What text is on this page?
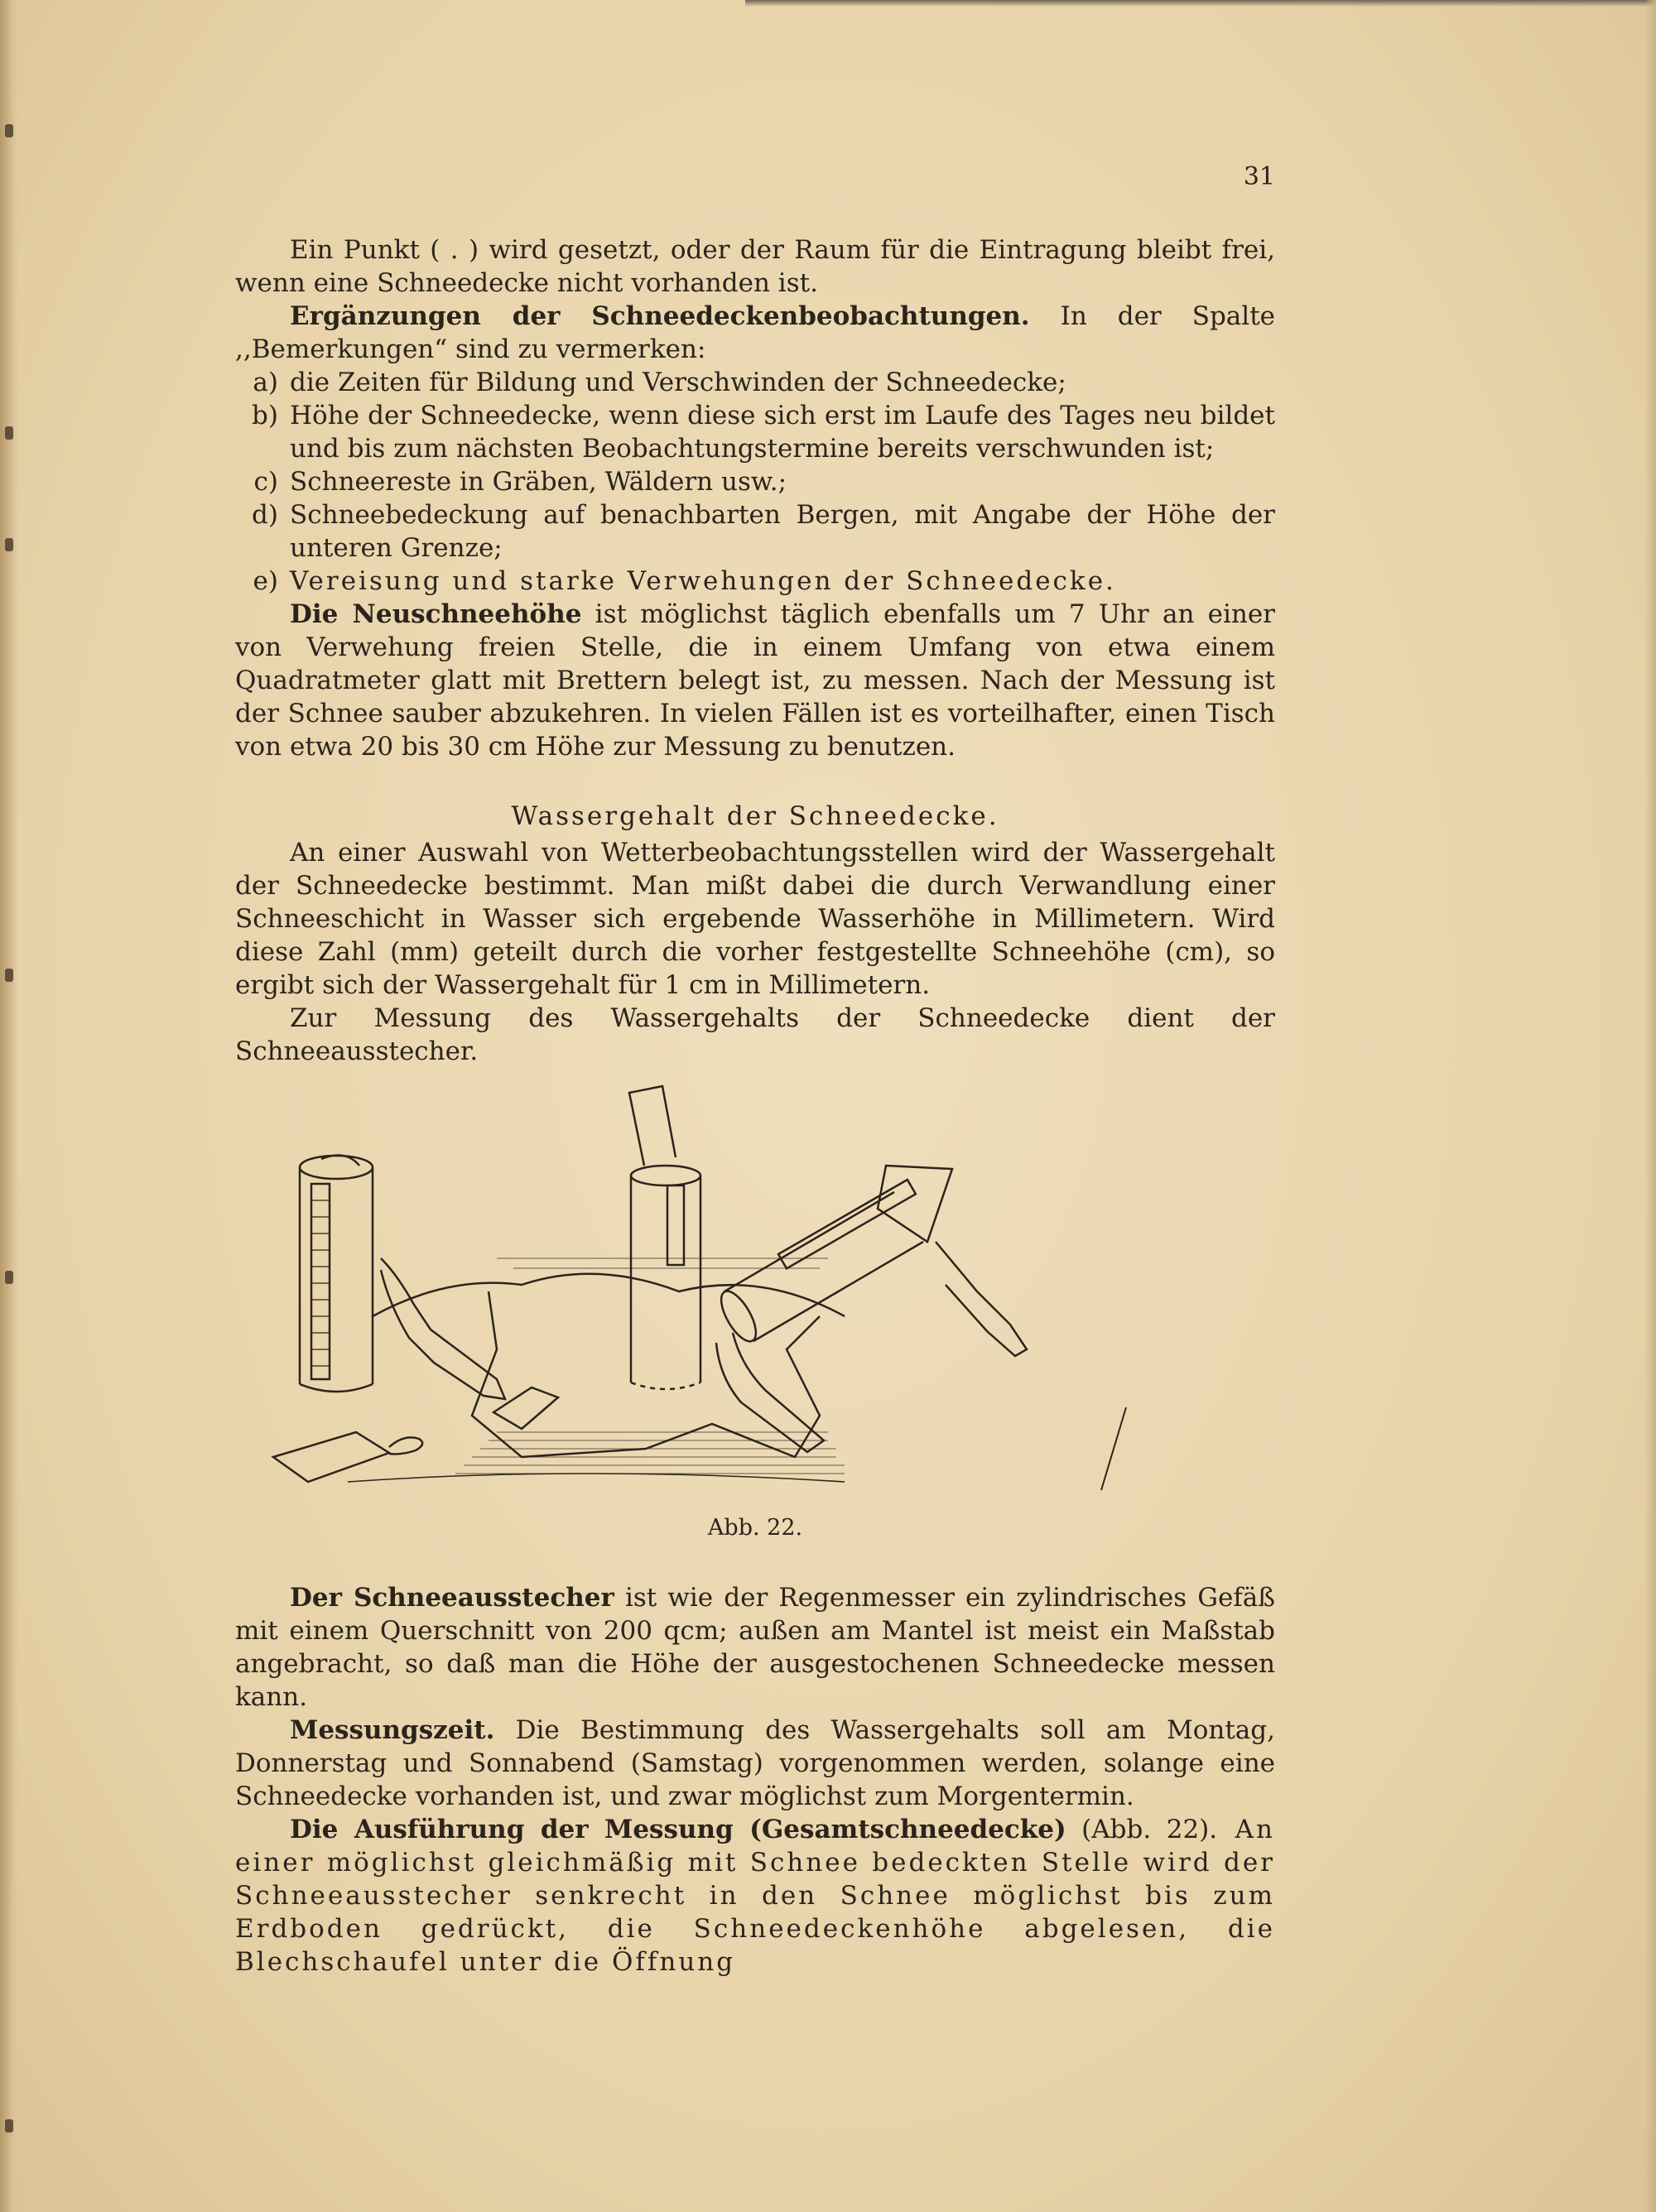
31

Ein Punkt ( . ) wird gesetzt, oder der Raum für die Eintragung bleibt frei, wenn eine Schneedecke nicht vorhanden ist.

Ergänzungen der Schneedeckenbeobachtungen. In der Spalte ,,Bemerkungen“ sind zu vermerken:

a) die Zeiten für Bildung und Verschwinden der Schneedecke;
b) Höhe der Schneedecke, wenn diese sich erst im Laufe des Tages neu bildet und bis zum nächsten Beobachtungstermine bereits verschwunden ist;
c) Schneereste in Gräben, Wäldern usw.;
d) Schneebedeckung auf benachbarten Bergen, mit Angabe der Höhe der unteren Grenze;
e) Vereisung und starke Verwehungen der Schneedecke.

Die Neuschneehöhe ist möglichst täglich ebenfalls um 7 Uhr an einer von Verwehung freien Stelle, die in einem Umfang von etwa einem Quadratmeter glatt mit Brettern belegt ist, zu messen. Nach der Messung ist der Schnee sauber abzukehren. In vielen Fällen ist es vorteilhafter, einen Tisch von etwa 20 bis 30 cm Höhe zur Messung zu benutzen.

Wassergehalt der Schneedecke.

An einer Auswahl von Wetterbeobachtungsstellen wird der Wassergehalt der Schneedecke bestimmt. Man mißt dabei die durch Verwandlung einer Schneeschicht in Wasser sich ergebende Wasserhöhe in Millimetern. Wird diese Zahl (mm) geteilt durch die vorher festgestellte Schneehöhe (cm), so ergibt sich der Wassergehalt für 1 cm in Millimetern.

Zur Messung des Wassergehalts der Schneedecke dient der Schneeausstecher.

Abb. 22.

Der Schneeausstecher ist wie der Regenmesser ein zylindrisches Gefäß mit einem Querschnitt von 200 qcm; außen am Mantel ist meist ein Maßstab angebracht, so daß man die Höhe der ausgestochenen Schneedecke messen kann.

Messungszeit. Die Bestimmung des Wassergehalts soll am Montag, Donnerstag und Sonnabend (Samstag) vorgenommen werden, solange eine Schneedecke vorhanden ist, und zwar möglichst zum Morgentermin.

Die Ausführung der Messung (Gesamtschneedecke) (Abb. 22). An einer möglichst gleichmäßig mit Schnee bedeckten Stelle wird der Schneeausstecher senkrecht in den Schnee möglichst bis zum Erdboden gedrückt, die Schneedeckenhöhe abgelesen, die Blechschaufel unter die Öffnung
